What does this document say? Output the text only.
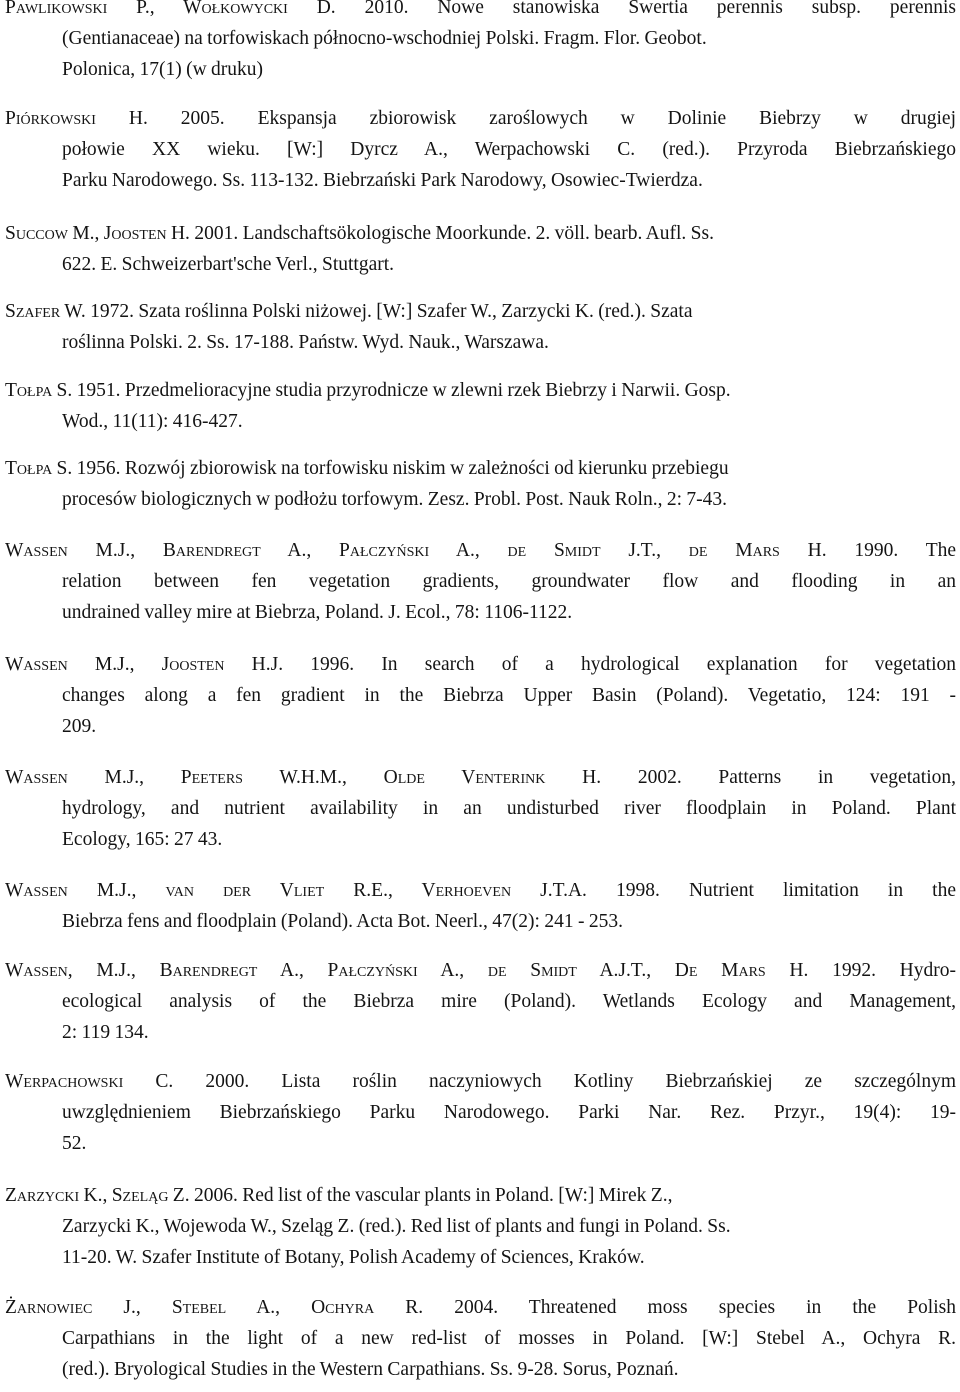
Pawlikowski P., Wołkowycki D. 2010. Nowe stanowiska Swertia perennis subsp. perennis
(Gentianaceae) na torfowiskach północno-wschodniej Polski. Fragm. Flor. Geobot.
Polonica, 17(1) (w druku)
Piórkowski H. 2005. Ekspansja zbiorowisk zaroślowych w Dolinie Biebrzy w drugiej
połowie XX wieku. [W:] Dyrcz A., Werpachowski C. (red.). Przyroda Biebrzańskiego
Parku Narodowego. Ss. 113-132. Biebrzański Park Narodowy, Osowiec-Twierdza.
Succow M., Joosten H. 2001. Landschaftsökologische Moorkunde. 2. völl. bearb. Aufl. Ss.
622. E. Schweizerbart'sche Verl., Stuttgart.
Szafer W. 1972. Szata roślinna Polski niżowej. [W:] Szafer W., Zarzycki K. (red.). Szata
roślinna Polski. 2. Ss. 17-188. Państw. Wyd. Nauk., Warszawa.
Tołpa S. 1951. Przedmelioracyjne studia przyrodnicze w zlewni rzek Biebrzy i Narwii. Gosp.
Wod., 11(11): 416-427.
Tołpa S. 1956. Rozwój zbiorowisk na torfowisku niskim w zależności od kierunku przebiegu
procesów biologicznych w podłożu torfowym. Zesz. Probl. Post. Nauk Roln., 2: 7-43.
Wassen M.J., Barendregt A., Pałczyński A., de Smidt J.T., de Mars H. 1990. The
relation between fen vegetation gradients, groundwater flow and flooding in an
undrained valley mire at Biebrza, Poland. J. Ecol., 78: 1106-1122.
Wassen M.J., Joosten H.J. 1996. In search of a hydrological explanation for vegetation
changes along a fen gradient in the Biebrza Upper Basin (Poland). Vegetatio, 124: 191 -
209.
Wassen M.J., Peeters W.H.M., Olde Venterink H. 2002. Patterns in vegetation,
hydrology, and nutrient availability in an undisturbed river floodplain in Poland. Plant
Ecology, 165: 27 43.
Wassen M.J., van der Vliet R.E., Verhoeven J.T.A. 1998. Nutrient limitation in the
Biebrza fens and floodplain (Poland). Acta Bot. Neerl., 47(2): 241 - 253.
Wassen, M.J., Barendregt A., Pałczyński A., de Smidt A.J.T., De Mars H. 1992. Hydro-
ecological analysis of the Biebrza mire (Poland). Wetlands Ecology and Management,
2: 119 134.
Werpachowski C. 2000. Lista roślin naczyniowych Kotliny Biebrzańskiej ze szczególnym
uwzględnieniem Biebrzańskiego Parku Narodowego. Parki Nar. Rez. Przyr., 19(4): 19-
52.
Zarzycki K., Szeląg Z. 2006. Red list of the vascular plants in Poland. [W:] Mirek Z.,
Zarzycki K., Wojewoda W., Szeląg Z. (red.). Red list of plants and fungi in Poland. Ss.
11-20. W. Szafer Institute of Botany, Polish Academy of Sciences, Kraków.
Żarnowiec J., Stebel A., Ochyra R. 2004. Threatened moss species in the Polish
Carpathians in the light of a new red-list of mosses in Poland. [W:] Stebel A., Ochyra R.
(red.). Bryological Studies in the Western Carpathians. Ss. 9-28. Sorus, Poznań.
